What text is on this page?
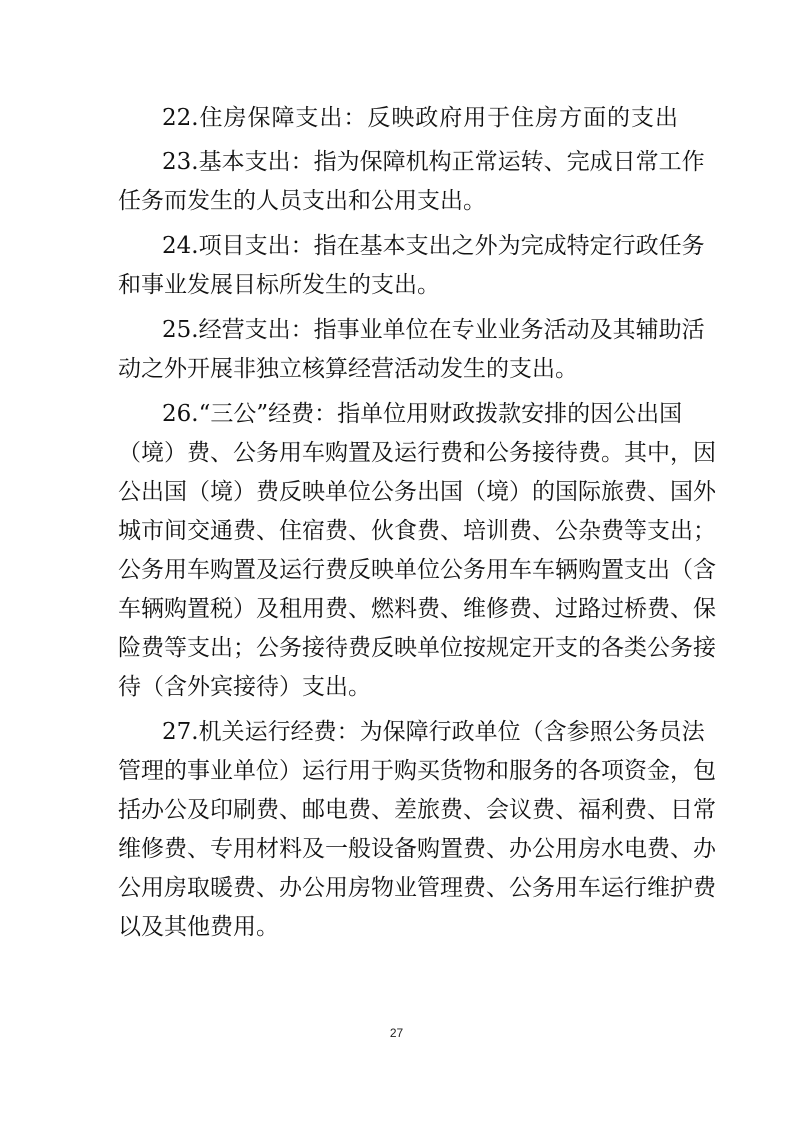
22.住房保障支出：反映政府用于住房方面的支出
23.基本支出：指为保障机构正常运转、完成日常工作
任务而发生的人员支出和公用支出。
24.项目支出：指在基本支出之外为完成特定行政任务
和事业发展目标所发生的支出。
25.经营支出：指事业单位在专业业务活动及其辅助活
动之外开展非独立核算经营活动发生的支出。
26.“三公”经费：指单位用财政拨款安排的因公出国
（境）费、公务用车购置及运行费和公务接待费。其中，因
公出国（境）费反映单位公务出国（境）的国际旅费、国外
城市间交通费、住宿费、伙食费、培训费、公杂费等支出；
公务用车购置及运行费反映单位公务用车车辆购置支出（含
车辆购置税）及租用费、燃料费、维修费、过路过桥费、保
险费等支出；公务接待费反映单位按规定开支的各类公务接
待（含外宾接待）支出。
27.机关运行经费：为保障行政单位（含参照公务员法
管理的事业单位）运行用于购买货物和服务的各项资金，包
括办公及印刷费、邮电费、差旅费、会议费、福利费、日常
维修费、专用材料及一般设备购置费、办公用房水电费、办
公用房取暖费、办公用房物业管理费、公务用车运行维护费
以及其他费用。
27
